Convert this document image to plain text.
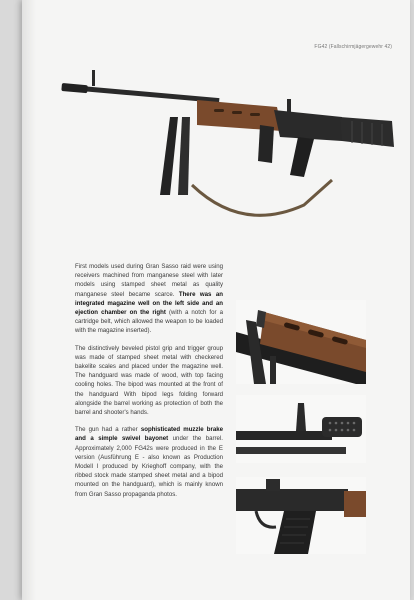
FG42 (Fallschirmjägergewehr 42)

First models used during Gran Sasso raid were using receivers machined from manganese steel with later models using stamped sheet metal as quality manganese steel became scarce. There was an integrated magazine well on the left side and an ejection chamber on the right (with a notch for a cartridge belt, which allowed the weapon to be loaded with the magazine inserted).

The distinctively beveled pistol grip and trigger group was made of stamped sheet metal with checkered bakelite scales and placed under the magazine well. The handguard was made of wood, with top facing cooling holes. The bipod was mounted at the front of the handguard With bipod legs folding forward alongside the barrel working as protection of both the barrel and shooter's hands.

The gun had a rather sophisticated muzzle brake and a simple swivel bayonet under the barrel. Approximately 2,000 FG42s were produced in the E version (Ausführung E - also known as Production Modell I produced by Krieghoff company, with the ribbed stock made stamped sheet metal and a bipod mounted on the handguard), which is mainly known from Gran Sasso propaganda photos.
